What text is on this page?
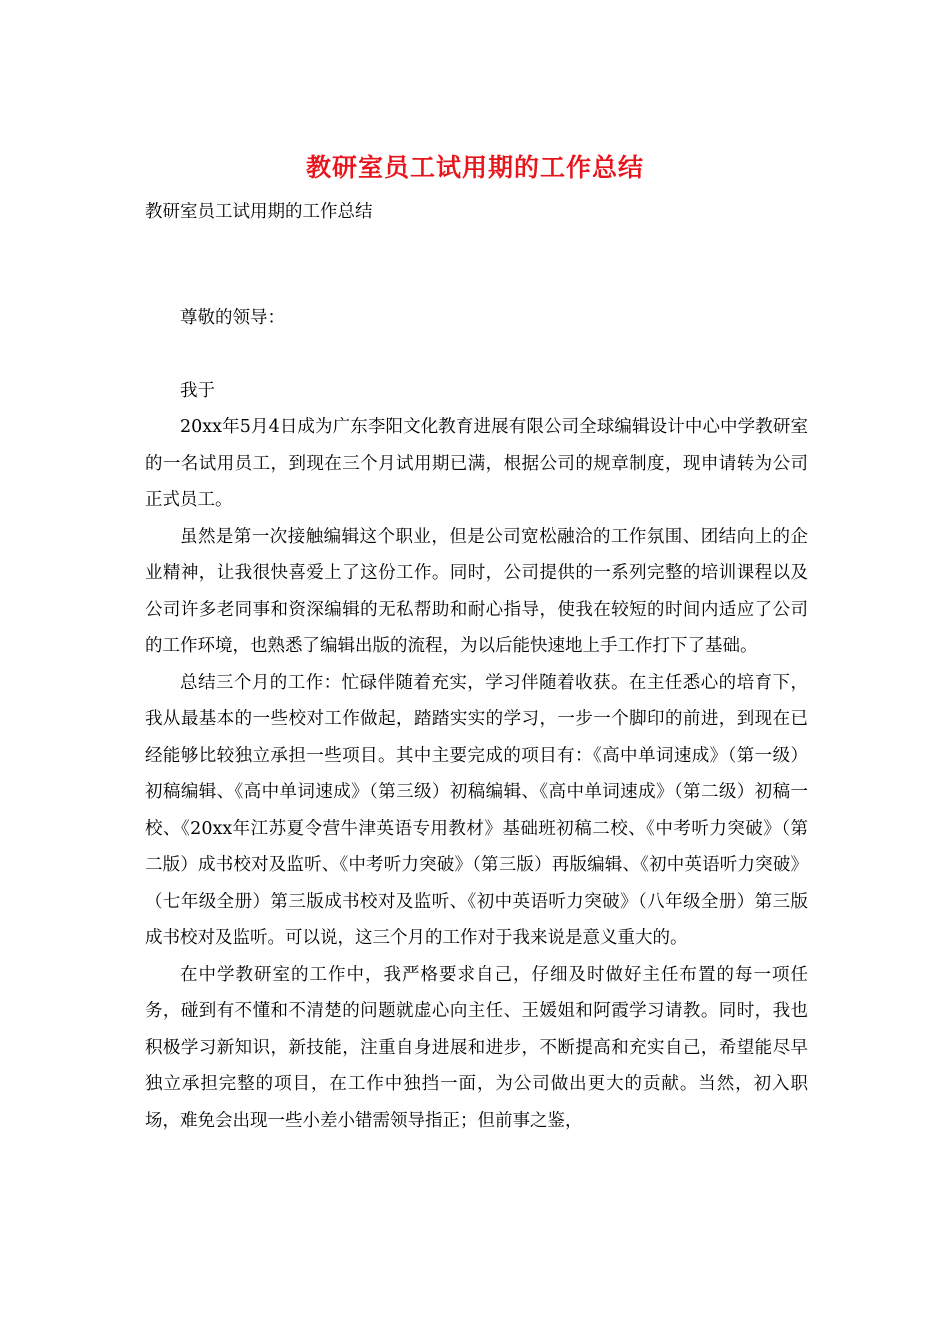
教研室员工试用期的工作总结
教研室员工试用期的工作总结

尊敬的领导：

我于

20xx年5月4日成为广东李阳文化教育进展有限公司全球编辑设计中心中学教研室的一名试用员工，到现在三个月试用期已满，根据公司的规章制度，现申请转为公司正式员工。

虽然是第一次接触编辑这个职业，但是公司宽松融洽的工作氛围、团结向上的企业精神，让我很快喜爱上了这份工作。同时，公司提供的一系列完整的培训课程以及公司许多老同事和资深编辑的无私帮助和耐心指导，使我在较短的时间内适应了公司的工作环境，也熟悉了编辑出版的流程，为以后能快速地上手工作打下了基础。

总结三个月的工作：忙碌伴随着充实，学习伴随着收获。在主任悉心的培育下，我从最基本的一些校对工作做起，踏踏实实的学习，一步一个脚印的前进，到现在已经能够比较独立承担一些项目。其中主要完成的项目有：《高中单词速成》（第一级）初稿编辑、《高中单词速成》（第三级）初稿编辑、《高中单词速成》（第二级）初稿一校、《20xx年江苏夏令营牛津英语专用教材》基础班初稿二校、《中考听力突破》（第二版）成书校对及监听、《中考听力突破》（第三版）再版编辑、《初中英语听力突破》（七年级全册）第三版成书校对及监听、《初中英语听力突破》（八年级全册）第三版成书校对及监听。可以说，这三个月的工作对于我来说是意义重大的。

在中学教研室的工作中，我严格要求自己，仔细及时做好主任布置的每一项任务，碰到有不懂和不清楚的问题就虚心向主任、王媛姐和阿霞学习请教。同时，我也积极学习新知识，新技能，注重自身进展和进步，不断提高和充实自己，希望能尽早独立承担完整的项目，在工作中独挡一面，为公司做出更大的贡献。当然，初入职场，难免会出现一些小差小错需领导指正；但前事之鉴，
